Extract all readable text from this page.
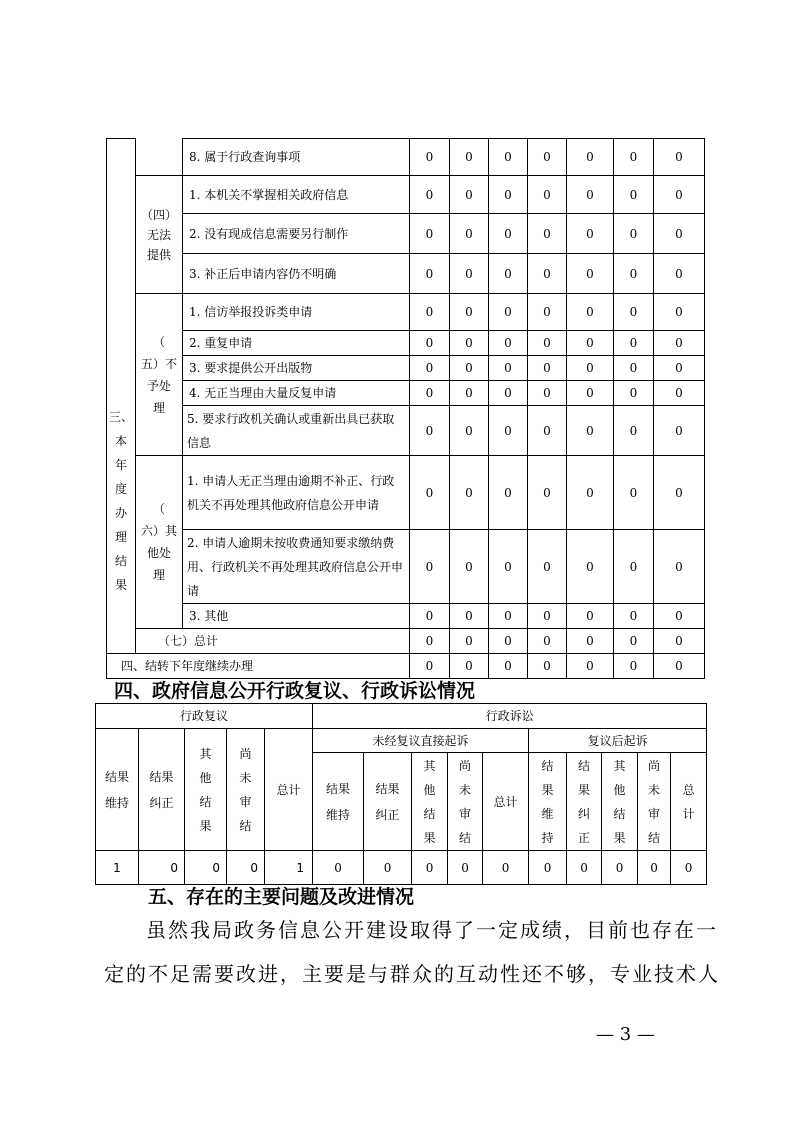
三、
本年度办理结果		8. 属于行政查询事项	0	0	0	0	0	0	0

	（四）
无法
提供	1. 本机关不掌握相关政府信息	0	0	0	0	0	0	0
		2. 没有现成信息需要另行制作	0	0	0	0	0	0	0
		3. 补正后申请内容仍不明确	0	0	0	0	0	0	0

	（
五）不
予处
理	1. 信访举报投诉类申请	0	0	0	0	0	0	0
		2. 重复申请	0	0	0	0	0	0	0
		3. 要求提供公开出版物	0	0	0	0	0	0	0
		4. 无正当理由大量反复申请	0	0	0	0	0	0	0
		5. 要求行政机关确认或重新出具已获取信息	0	0	0	0	0	0	0

	（
六）其
他处
理	1. 申请人无正当理由逾期不补正、行政机关不再处理其他政府信息公开申请	0	0	0	0	0	0	0
		2. 申请人逾期未按收费通知要求缴纳费用、行政机关不再处理其政府信息公开申请	0	0	0	0	0	0	0
		3. 其他	0	0	0	0	0	0	0
	（七）总计		0	0	0	0	0	0	0
四、结转下年度继续办理			0	0	0	0	0	0	0
四、政府信息公开行政复议、行政诉讼情况
行政复议					行政诉讼									
结果维持	结果纠正	其他结果	尚未审结	总计	未经复议直接起诉					复议后起诉				
					结果维持	结果纠正	其他结果	尚未审结	总计	结果维持	结果纠正	其他结果	尚未审结	总计
1	0	0	0	1	0	0	0	0	0	0	0	0	0	0
五、存在的主要问题及改进情况
虽然我局政务信息公开建设取得了一定成绩，目前也存在一
定的不足需要改进，主要是与群众的互动性还不够，专业技术人
— 3 —
